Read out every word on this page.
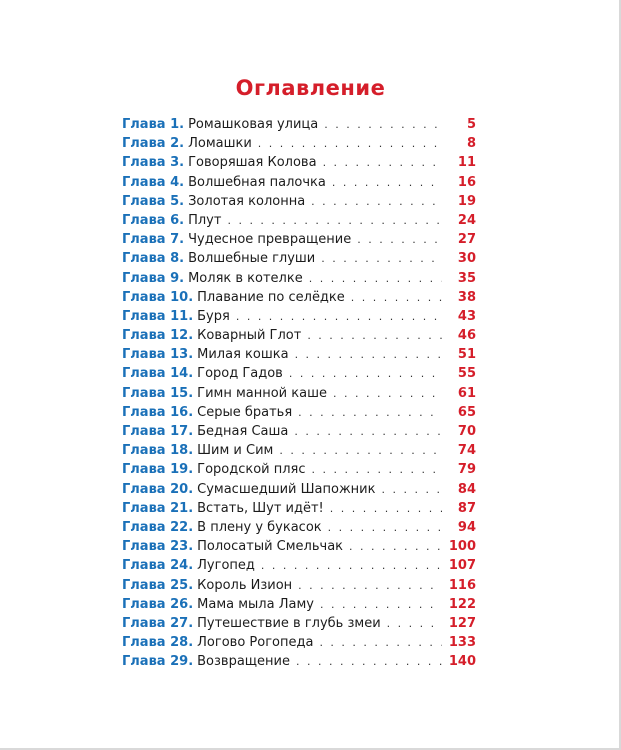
Оглавление
Глава 1. Ромашковая улица . . .	5
Глава 2. Ломашки . . .	8
Глава 3. Говоряшая Колова . . .	11
Глава 4. Волшебная палочка . . .	16
Глава 5. Золотая колонна . . .	19
Глава 6. Плут . . .	24
Глава 7. Чудесное превращение . . .	27
Глава 8. Волшебные глуши . . .	30
Глава 9. Моляк в котелке . . .	35
Глава 10. Плавание по селёдке . . .	38
Глава 11. Буря . . .	43
Глава 12. Коварный Глот . . .	46
Глава 13. Милая кошка . . .	51
Глава 14. Город Гадов . . .	55
Глава 15. Гимн манной каше . . .	61
Глава 16. Серые братья . . .	65
Глава 17. Бедная Саша . . .	70
Глава 18. Шим и Сим . . .	74
Глава 19. Городской пляс . . .	79
Глава 20. Сумасшедший Шапожник . . .	84
Глава 21. Встать, Шут идёт! . . .	87
Глава 22. В плену у букасок . . .	94
Глава 23. Полосатый Смельчак . . .	100
Глава 24. Лугопед . . .	107
Глава 25. Король Изион . . .	116
Глава 26. Мама мыла Ламу . . .	122
Глава 27. Путешествие в глубь змеи . . .	127
Глава 28. Логово Рогопеда . . .	133
Глава 29. Возвращение . . .	140
